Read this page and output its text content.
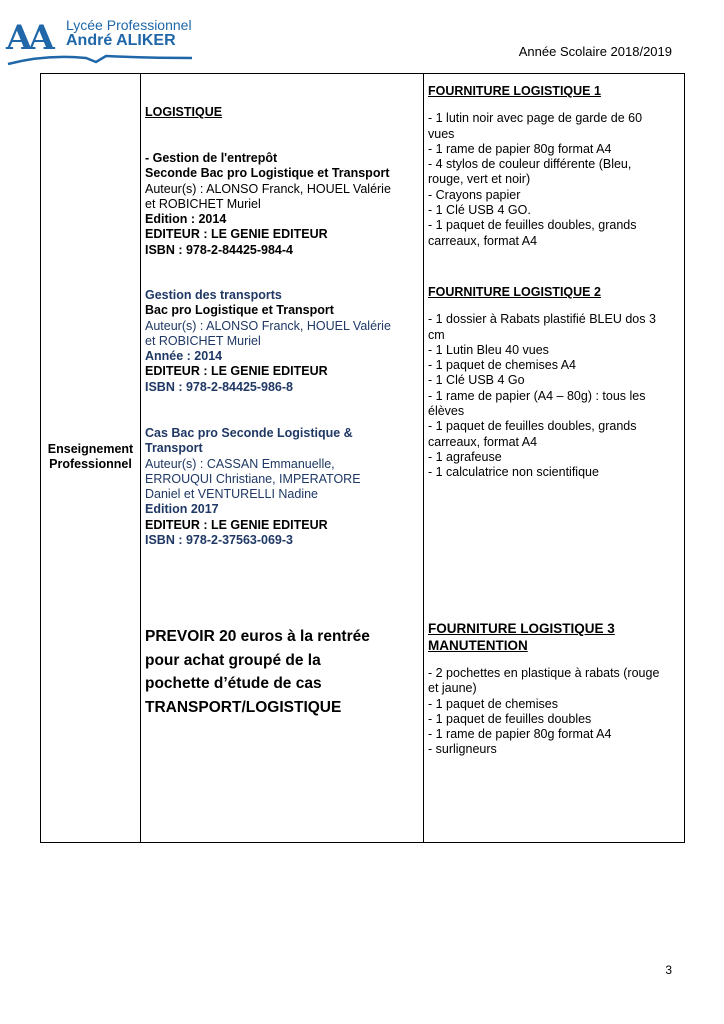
AA Lycée Professionnel
André ALIKER
Année Scolaire 2018/2019
Enseignement
Professionnel
LOGISTIQUE
- Gestion de l'entrepôt
Seconde Bac pro Logistique et Transport
Auteur(s) : ALONSO Franck, HOUEL Valérie
et ROBICHET Muriel
Edition : 2014
EDITEUR : LE GENIE EDITEUR
ISBN : 978-2-84425-984-4
Gestion des transports
Bac pro Logistique et Transport
Auteur(s) : ALONSO Franck, HOUEL Valérie
et ROBICHET Muriel
Année : 2014
EDITEUR : LE GENIE EDITEUR
ISBN : 978-2-84425-986-8
Cas Bac pro Seconde Logistique &
Transport
Auteur(s) : CASSAN Emmanuelle,
ERROUQUI Christiane, IMPERATORE
Daniel et VENTURELLI Nadine
Edition 2017
EDITEUR : LE GENIE EDITEUR
ISBN : 978-2-37563-069-3
PREVOIR 20 euros à la rentrée
pour achat groupé de la
pochette d’étude de cas
TRANSPORT/LOGISTIQUE
FOURNITURE LOGISTIQUE 1
- 1 lutin noir avec page de garde de 60
vues
- 1 rame de papier 80g format A4
- 4 stylos de couleur différente (Bleu,
rouge, vert et noir)
- Crayons papier
- 1 Clé USB 4 GO.
- 1 paquet de feuilles doubles, grands
carreaux, format A4
FOURNITURE LOGISTIQUE 2
- 1 dossier à Rabats plastifié BLEU dos 3
cm
- 1 Lutin Bleu 40 vues
- 1 paquet de chemises A4
- 1 Clé USB 4 Go
- 1 rame de papier (A4 – 80g) : tous les
élèves
- 1 paquet de feuilles doubles, grands
carreaux, format A4
- 1 agrafeuse
- 1 calculatrice non scientifique
FOURNITURE LOGISTIQUE 3
MANUTENTION
- 2 pochettes en plastique à rabats (rouge
et jaune)
- 1 paquet de chemises
- 1 paquet de feuilles doubles
- 1 rame de papier 80g format A4
- surligneurs
3
